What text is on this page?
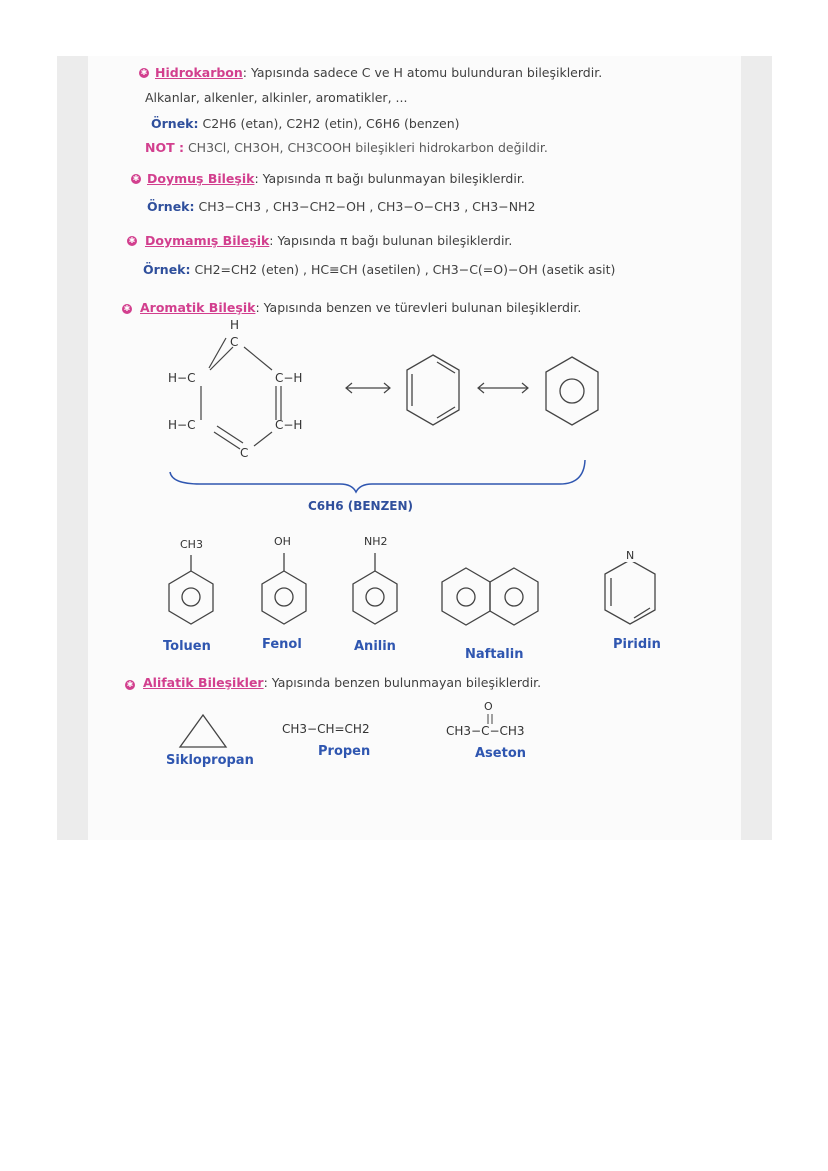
✱ Hidrokarbon: Yapısında sadece C ve H atomu bulunduran bileşiklerdir.
Alkanlar, alkenler, alkinler, aromatikler, ...
Örnek: C2H6 (etan), C2H2 (etin), C6H6 (benzen)
NOT : CH3Cl, CH3OH, CH3COOH bileşikleri hidrokarbon değildir.
✱ Doymuş Bileşik: Yapısında π bağı bulunmayan bileşiklerdir.
Örnek: CH3−CH3 , CH3−CH2−OH , CH3−O−CH3 , CH3−NH2
✱ Doymamış Bileşik: Yapısında π bağı bulunan bileşiklerdir.
Örnek: CH2=CH2 (eten) , HC≡CH (asetilen) , CH3−C(=O)−OH (asetik asit)
✱ Aromatik Bileşik: Yapısında benzen ve türevleri bulunan bileşiklerdir.
H
C
H−C	C−H
H−C	C−H
C
C6H6 (BENZEN)
CH3	OH	NH2
N
Toluen	Fenol	Anilin
Naftalin
Piridin
✱ Alifatik Bileşikler: Yapısında benzen bulunmayan bileşiklerdir.
O
CH3−CH=CH2	CH3−C−CH3
Siklopropan
Propen	Aseton
